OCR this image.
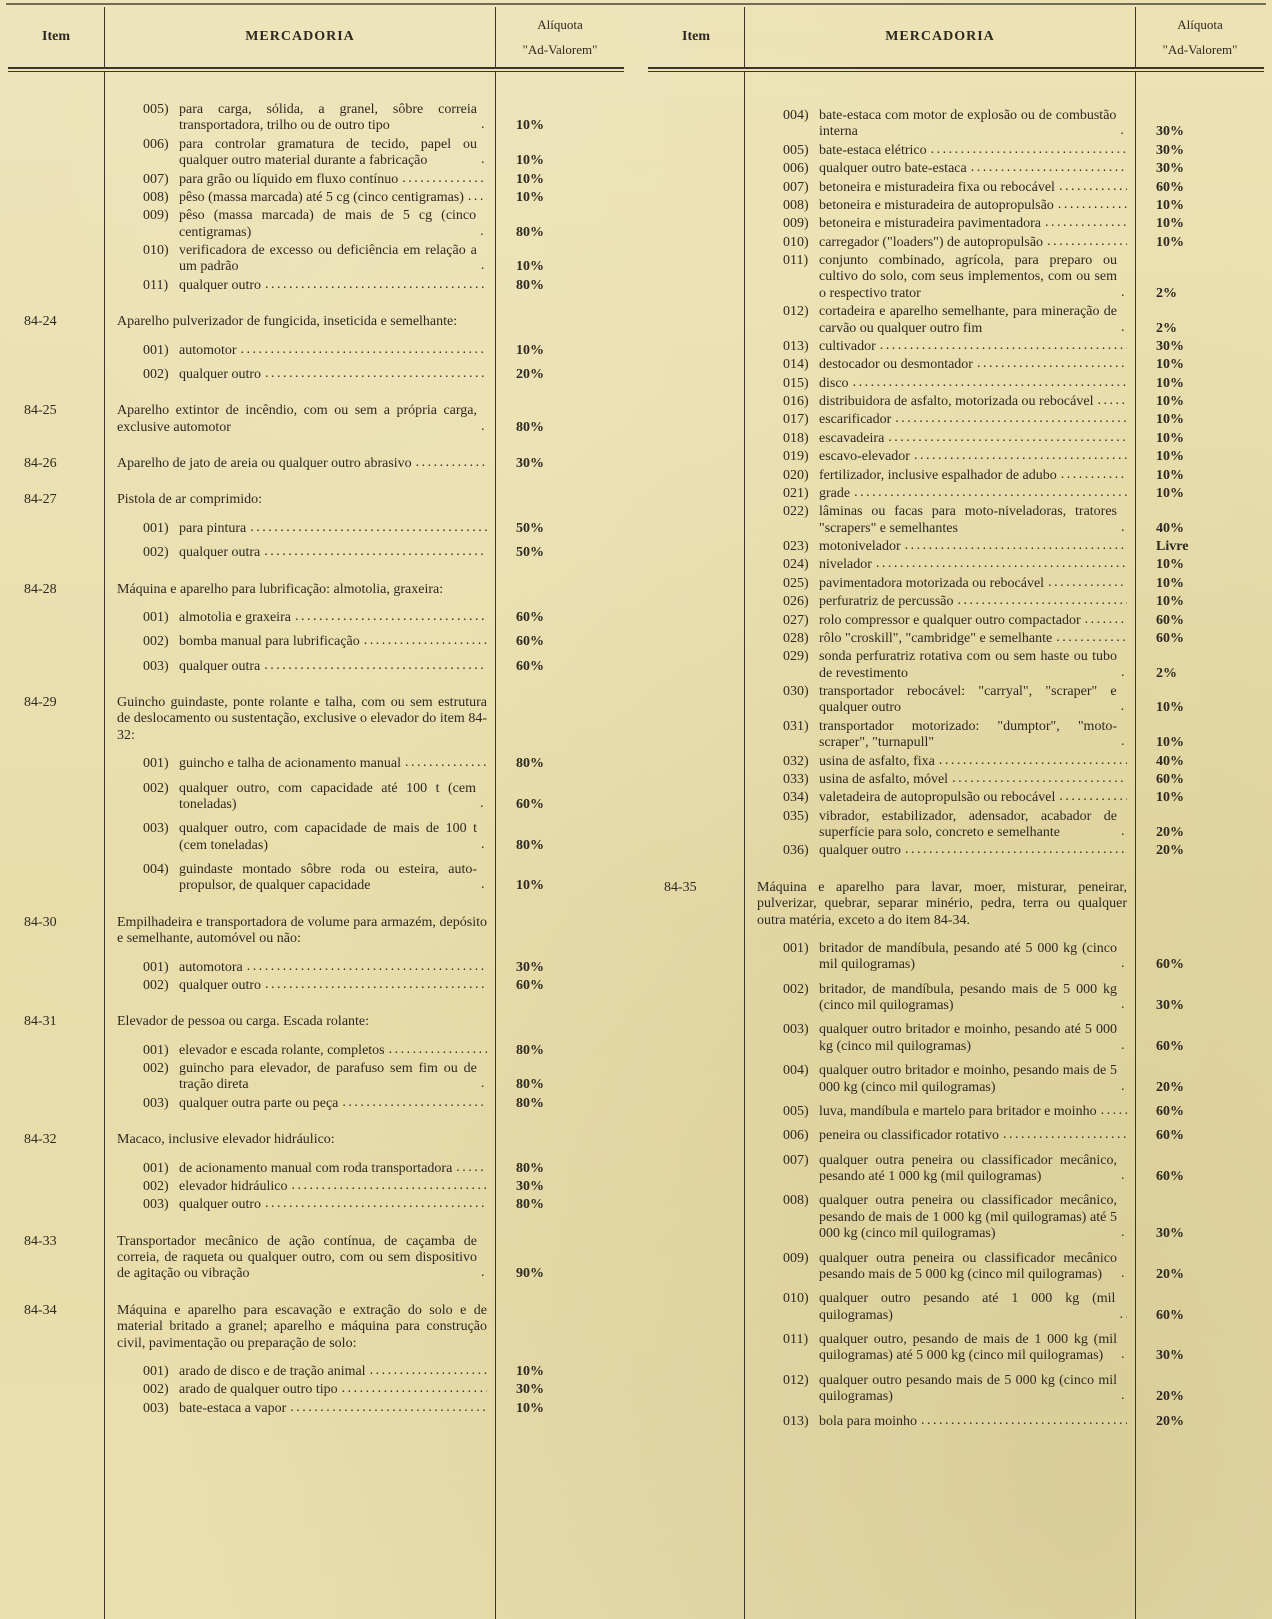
Item	MERCADORIA
Alíquota
"Ad-Valorem"
005) para carga, sólida, a granel, sôbre correia transportadora, trilho ou de outro tipo .....	10%
006) para controlar gramatura de tecido, papel ou qualquer outro material durante a fabricação .....	10%
007) para grão ou líquido em fluxo contínuo .....	10%
008) pêso (massa marcada) até 5 cg (cinco centigramas) .....	10%
009) pêso (massa marcada) de mais de 5 cg (cinco centigramas) .....	80%
010) verificadora de excesso ou deficiência em relação a um padrão .....	10%
011) qualquer outro .....	80%
84-24	Aparelho pulverizador de fungicida, inseticida e semelhante:
001) automotor .....	10%
002) qualquer outro .....	20%
84-25	Aparelho extintor de incêndio, com ou sem a própria carga, exclusive automotor .....	80%
84-26	Aparelho de jato de areia ou qualquer outro abrasivo .....	30%
84-27	Pistola de ar comprimido:
001) para pintura .....	50%
002) qualquer outra .....	50%
84-28	Máquina e aparelho para lubrificação: almotolia, graxeira:
001) almotolia e graxeira .....	60%
002) bomba manual para lubrificação .....	60%
003) qualquer outra .....	60%
84-29	Guincho guindaste, ponte rolante e talha, com ou sem estrutura de deslocamento ou sustentação, exclusive o elevador do item 84-32:
001) guincho e talha de acionamento manual .....	80%
002) qualquer outro, com capacidade até 100 t (cem toneladas) .....	60%
003) qualquer outro, com capacidade de mais de 100 t (cem toneladas) .....	80%
004) guindaste montado sôbre roda ou esteira, auto-propulsor, de qualquer capacidade .....	10%
84-30	Empilhadeira e transportadora de volume para armazém, depósito e semelhante, automóvel ou não:
001) automotora .....	30%
002) qualquer outro .....	60%
84-31	Elevador de pessoa ou carga. Escada rolante:
001) elevador e escada rolante, completos .....	80%
002) guincho para elevador, de parafuso sem fim ou de tração direta .....	80%
003) qualquer outra parte ou peça .....	80%
84-32	Macaco, inclusive elevador hidráulico:
001) de acionamento manual com roda transportadora .....	80%
002) elevador hidráulico .....	30%
003) qualquer outro .....	80%
84-33	Transportador mecânico de ação contínua, de caçamba de correia, de raqueta ou qualquer outro, com ou sem dispositivo de agitação ou vibração .....	90%
84-34	Máquina e aparelho para escavação e extração do solo e de material britado a granel; aparelho e máquina para construção civil, pavimentação ou preparação de solo:
001) arado de disco e de tração animal .....	10%
002) arado de qualquer outro tipo .....	30%
003) bate-estaca a vapor .....	10%
Item	MERCADORIA
Alíquota
"Ad-Valorem"
004) bate-estaca com motor de explosão ou de combustão interna .....	30%
005) bate-estaca elétrico .....	30%
006) qualquer outro bate-estaca .....	30%
007) betoneira e misturadeira fixa ou rebocável .....	60%
008) betoneira e misturadeira de autopropulsão .....	10%
009) betoneira e misturadeira pavimentadora .....	10%
010) carregador ("loaders") de autopropulsão .....	10%
011) conjunto combinado, agrícola, para preparo ou cultivo do solo, com seus implementos, com ou sem o respectivo trator .....	2%
012) cortadeira e aparelho semelhante, para mineração de carvão ou qualquer outro fim .....	2%
013) cultivador .....	30%
014) destocador ou desmontador .....	10%
015) disco .....	10%
016) distribuidora de asfalto, motorizada ou rebocável .....	10%
017) escarificador .....	10%
018) escavadeira .....	10%
019) escavo-elevador .....	10%
020) fertilizador, inclusive espalhador de adubo .....	10%
021) grade .....	10%
022) lâminas ou facas para moto-niveladoras, tratores "scrapers" e semelhantes .....	40%
023) motonivelador .....	Livre
024) nivelador .....	10%
025) pavimentadora motorizada ou rebocável .....	10%
026) perfuratriz de percussão .....	10%
027) rolo compressor e qualquer outro compactador .....	60%
028) rôlo "croskill", "cambridge" e semelhante .....	60%
029) sonda perfuratriz rotativa com ou sem haste ou tubo de revestimento .....	2%
030) transportador rebocável: "carryal", "scraper" e qualquer outro .....	10%
031) transportador motorizado: "dumptor", "moto-scraper", "turnapull" .....	10%
032) usina de asfalto, fixa .....	40%
033) usina de asfalto, móvel .....	60%
034) valetadeira de autopropulsão ou rebocável .....	10%
035) vibrador, estabilizador, adensador, acabador de superfície para solo, concreto e semelhante .....	20%
036) qualquer outro .....	20%
84-35	Máquina e aparelho para lavar, moer, misturar, peneirar, pulverizar, quebrar, separar minério, pedra, terra ou qualquer outra matéria, exceto a do item 84-34.
001) britador de mandíbula, pesando até 5 000 kg (cinco mil quilogramas) .....	60%
002) britador, de mandíbula, pesando mais de 5 000 kg (cinco mil quilogramas) .....	30%
003) qualquer outro britador e moinho, pesando até 5 000 kg (cinco mil quilogramas) .....	60%
004) qualquer outro britador e moinho, pesando mais de 5 000 kg (cinco mil quilogramas) .....	20%
005) luva, mandíbula e martelo para britador e moinho .....	60%
006) peneira ou classificador rotativo .....	60%
007) qualquer outra peneira ou classificador mecânico, pesando até 1 000 kg (mil quilogramas) .....	60%
008) qualquer outra peneira ou classificador mecânico, pesando de mais de 1 000 kg (mil quilogramas) até 5 000 kg (cinco mil quilogramas) .....	30%
009) qualquer outra peneira ou classificador mecânico pesando mais de 5 000 kg (cinco mil quilogramas) .....	20%
010) qualquer outro pesando até 1 000 kg (mil quilogramas) .....	60%
011) qualquer outro, pesando de mais de 1 000 kg (mil quilogramas) até 5 000 kg (cinco mil quilogramas) .....	30%
012) qualquer outro pesando mais de 5 000 kg (cinco mil quilogramas) .....	20%
013) bola para moinho .....	20%
